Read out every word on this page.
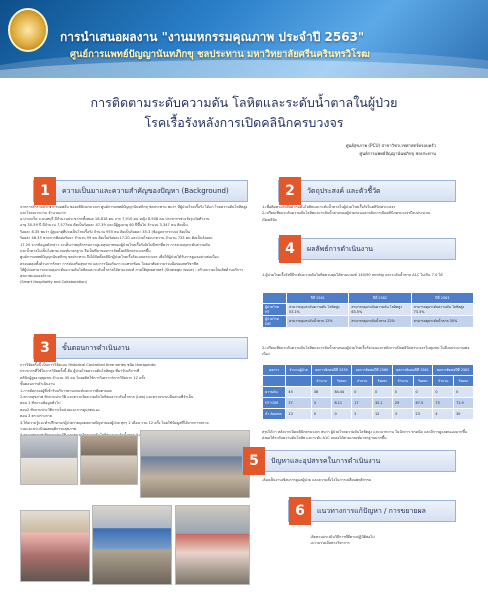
การนำเสนอผลงาน "งานมหกรรมคุณภาพ ประจำปี 2563"
ศูนย์การแพทย์ปัญญานันทภิกขุ ชลประทาน มหาวิทยาลัยศรีนครินทรวิโรฒ
การติดตามระดับความดัน โลหิตและระดับน้ำตาลในผู้ป่วย
โรคเรื้อรังหลังการเปิดคลินิกครบวงจร
ศูนย์สุขภาพ (PCU) สาขาวิชาเวชศาสตร์ครอบครัว
ศูนย์การแพทย์ปัญญานันทภิกขุ ชลประทาน
1	ความเป็นมาและความสำคัญของปัญหา (Background)

จากการสำรวจประชากรบ่อพลับ ของคลินิกครบวงจร ศูนย์การแพทย์ปัญญานันทภิกขุ ชลประทาน พบว่า มีผู้ป่วยโรคเรื้อรัง ได้แก่ โรคความดันโลหิตสูงและโรคเบาหวาน จำนวนมาก

อ.ปากเกร็ด จ.นนทบุรี มีจำนวนประชากรทั้งหมด 16,818 คน จาก 7,910 คน หญิง 8,908 คน ประชากรช่วงวัยรุ่นวัยทำงาน

อายุ 30-59 ปี มีจำนวน 7,577คน คิดเป็นร้อยละ 47.39 และมีผู้สูงอายุ 60 ปีขึ้นไป จำนวน 3,347 คน คิดเป็น

ร้อยละ 8.35 พบว่า ผู้สูงอายุที่ป่วยเป็นโรคเรื้อรัง จำนวน 955 คน คิดเป็นร้อยละ 35.3 (ข้อมูลจากระบบ) คิดเป็น

ร้อยละ 46.35 ขาดการติดต่อรับยา จำนวน 99 คน คิดเป็นร้อยละ17.20 และป่วยโรคเบาหวาน จำนวน 733 คน คิดเป็นร้อยละ

17.20 จากข้อมูลดังกล่าว จะเห็นว่าพฤติกรรมการดูแลสุขภาพของผู้ป่วยโรคเรื้อรังยังไม่ดีเท่าที่ควร การควบคุมระดับความดัน

และน้ำตาลไม่เป็นไปตามเกณฑ์มาตรฐาน จึงเป็นที่มาของการจัดตั้งคลินิกครบวงจรขึ้น

ศูนย์การแพทย์ปัญญานันทภิกขุ ชลประทาน จึงได้จัดตั้งคลินิกผู้ป่วยโรคเรื้อรังแบบครบวงจร เพื่อให้ผู้ป่วยได้รับการดูแลอย่างต่อเนื่อง

ครอบคลุมทั้งด้านการรักษา การส่งเสริมสุขภาพ และการป้องกันภาวะแทรกซ้อน โดยอาศัยความร่วมมือของสหวิชาชีพ

ให้ผู้ป่วยสามารถควบคุมระดับความดันโลหิตและระดับน้ำตาลได้ตามเกณฑ์ ภายใต้ยุทธศาสตร์ (Strategic Issue) : สร้างความเป็นเลิศด้านบริการสุขภาพแบบองค์รวม

(Smart Hospitality and Collaboration)

2	วัตถุประสงค์ และตัวชี้วัด

1.เพื่อติดตามระดับความดันโลหิตและระดับน้ำตาลในผู้ป่วยโรคเรื้อรังในคลินิกครบวงจร

2.เปรียบเทียบระดับความดันโลหิตและระดับน้ำตาลของผู้ป่วยก่อนและหลังการเปิดคลินิกครบวงจรปีงบประมาณ

เปิดคลินิก

4	ผลลัพธ์การดำเนินงาน
1.ผู้ป่วยโรคเรื้อรังที่มีระดับความดันโลหิตควบคุมได้ตามเกณฑ์ 140/90 mmHg และระดับน้ำตาล A1C ไม่เกิน 7.0 ได้
	ปีที่ 2561	ปีที่ 2562	ปีที่ 2563
ผู้ป่วยโรค HT	สามารถคุมระดับความดัน โลหิตสูง 53.1%	สามารถคุมระดับความดัน โลหิตสูง 63.5%	สามารถคุมระดับความดัน โลหิตสูง 73.3%
ผู้ป่วยโรค DM	สามารถคุมระดับน้ำตาล 12%	สามารถคุมระดับน้ำตาล 22%	สามารถคุมระดับน้ำตาล 30%
2.เปรียบเทียบระดับความดันโลหิตและระดับน้ำตาลของผู้ป่วยโรคเรื้อรังก่อนและหลังการเปิดคลินิกครบวงจรในชุมชน ในปีงบประมาณต่อเนื่อง
ผลการ	จำนวนผู้ป่วย	ผลการติดต่อปีที่ 2559		ผลการติดต่อปีที่ 2560		ผลการติดต่อปีที่ 2561		ผลการติดต่อปีที่ 2562	
		จำนวน	ร้อยละ	จำนวน	ร้อยละ	จำนวน	ร้อยละ	จำนวน	ร้อยละ
ความดัน	45	38	84.44	0	0	0	0	0	0
HT+DM	37	3	8.11	17	32.1	29	67.5	73	71.9
ทั่ว Assess	13	0	0	2	12	3	23	4	30

สรุปได้ว่า หลังจากเปิดคลินิกครบวงจร พบว่า ผู้ป่วยโรคความดันโลหิตสูง และเบาหวาน ในนักการ ชาดนัด และมีการดูแลตนเองมากขึ้น

ส่งผลให้ระดับความดันโลหิต และระดับ A1C ลดลงได้ตามเกณฑ์มาตรฐานมากขึ้น

3	ขั้นตอนการดำเนินงาน

การวิจัยครั้งนี้ เป็นการวิจัยแบบ Historical Controlled time series ชนิด therapeutic

ประชากรที่ใช้ในการวิจัยครั้งนี้ คือ ผู้ป่วยโรคความดันโลหิตสูง ที่มารับบริการที่

คลินิกผู้สูงอายุชุมชน จำนวน 45 คน โดยผลิตใช้การวิเคราะห์การวิจัยจาก 12 ครั้ง

ขั้นตอนการดำเนินงาน

1.การคัดกรองผู้ที่เข้ารับบริการตามเกณฑ์และการติดตามผล

2.ตรวจสุขภาพ ซักถามประวัติ และตรวจวัดความดันโลหิตและระดับน้ำตาล (Lab) และตรวจระบบอื่นตามที่จำเป็น

ตอน 1 ซักถามข้อมูลทั่วไป

ตอน2 ซักถามประวัติการเจ็บป่วยและการดูแลตนเอง

ตอน 3 ตรวจร่างกาย

3.ให้ความรู้และคำปรึกษาแก่ผู้ป่วยรายบุคคลตามปัญหาของผู้ป่วย ทุกๆ 2 เดือน รวม 12 ครั้ง โดยใช้ข้อมูลที่ได้จากการตรวจ

รวมและประเมินผลพฤติกรรมสุขภาพ

5	ปัญหาและอุปสรรคในการดำเนินงาน
-ต้องเป็นงานเชิงบการดูแลผู้ป่วย และความตั้งใจในการเปลี่ยนพฤติกรรม
6	แนวทางการแก้ปัญหา / การขยายผล

-ติดตามประเมินวิธีการที่ดีตามปฏิบัติต่อไป

-ความร่วมมือทางวิชาการ
